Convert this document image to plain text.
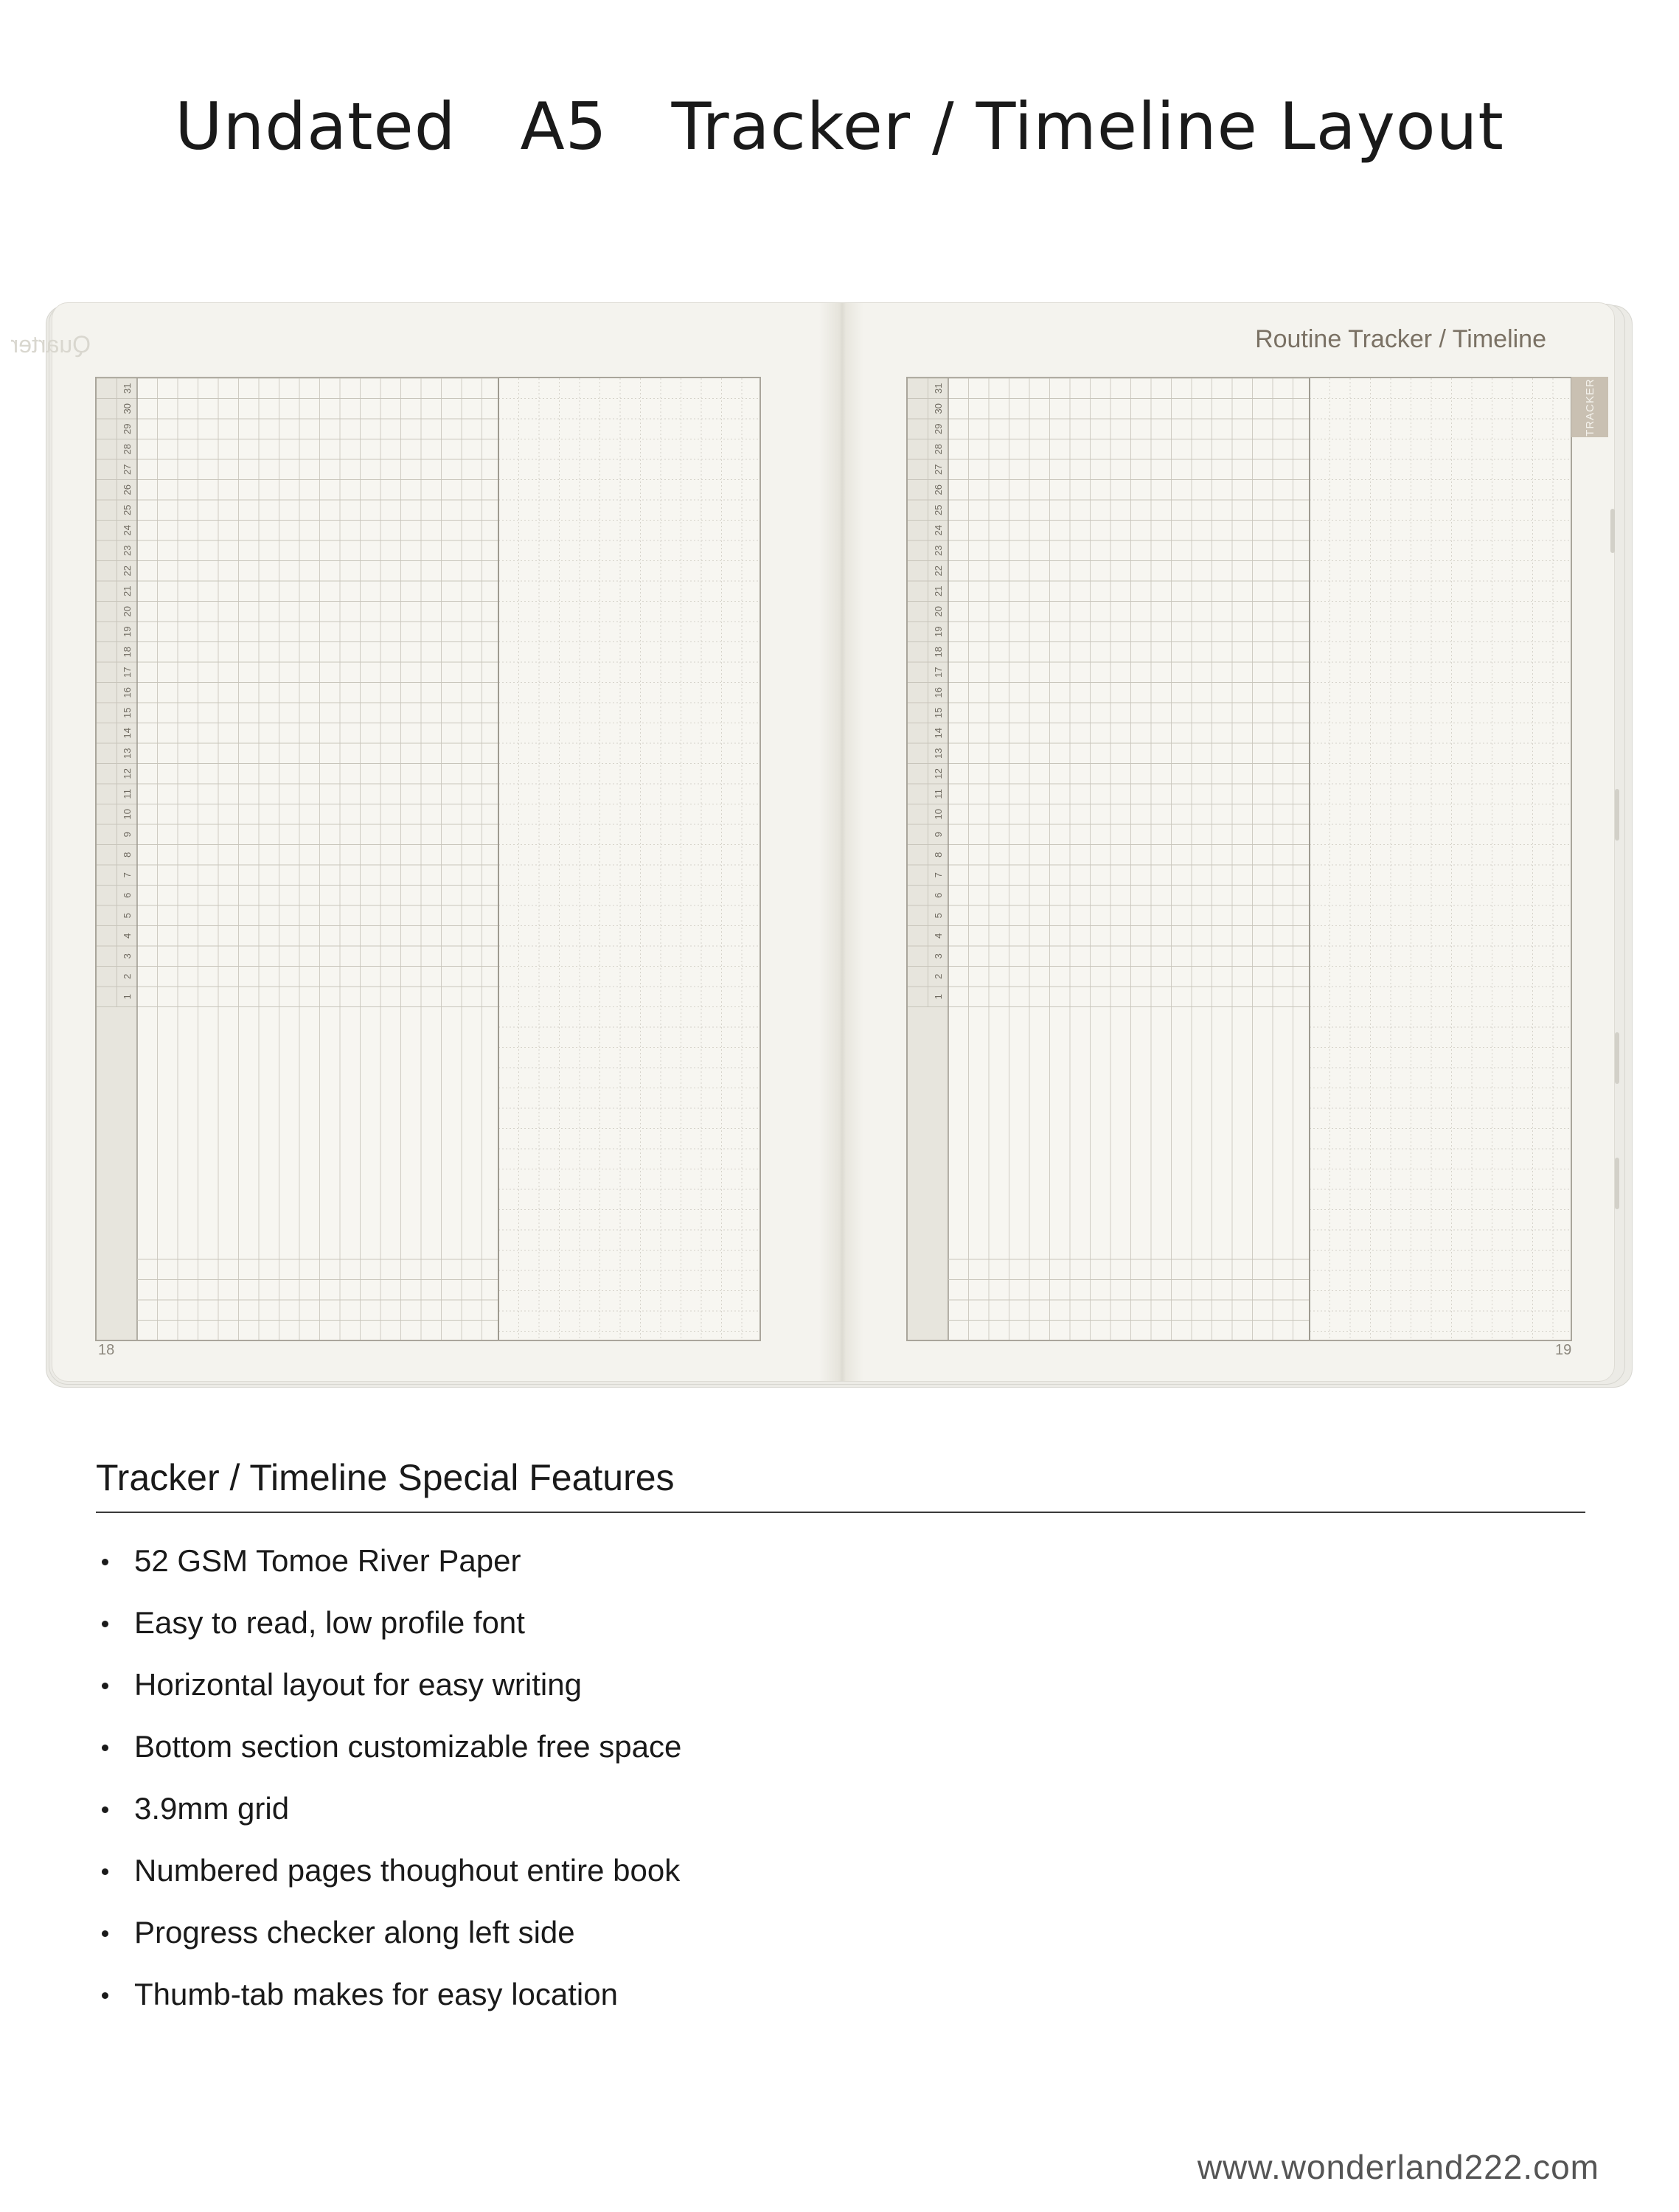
Undated   A5   Tracker / Timeline Layout
Quarter
1
2
3
4
5
6
7
8
9
10
11
12
13
14
15
16
17
18
19
20
21
22
23
24
25
26
27
28
29
30
31
18
Routine Tracker / Timeline
1
2
3
4
5
6
7
8
9
10
11
12
13
14
15
16
17
18
19
20
21
22
23
24
25
26
27
28
29
30
31	TRACKER
19
Tracker / Timeline Special Features
52 GSM Tomoe River Paper
Easy to read, low profile font
Horizontal layout for easy writing
Bottom section customizable free space
3.9mm grid
Numbered pages thoughout entire book
Progress checker along left side
Thumb-tab makes for easy location
www.wonderland222.com
